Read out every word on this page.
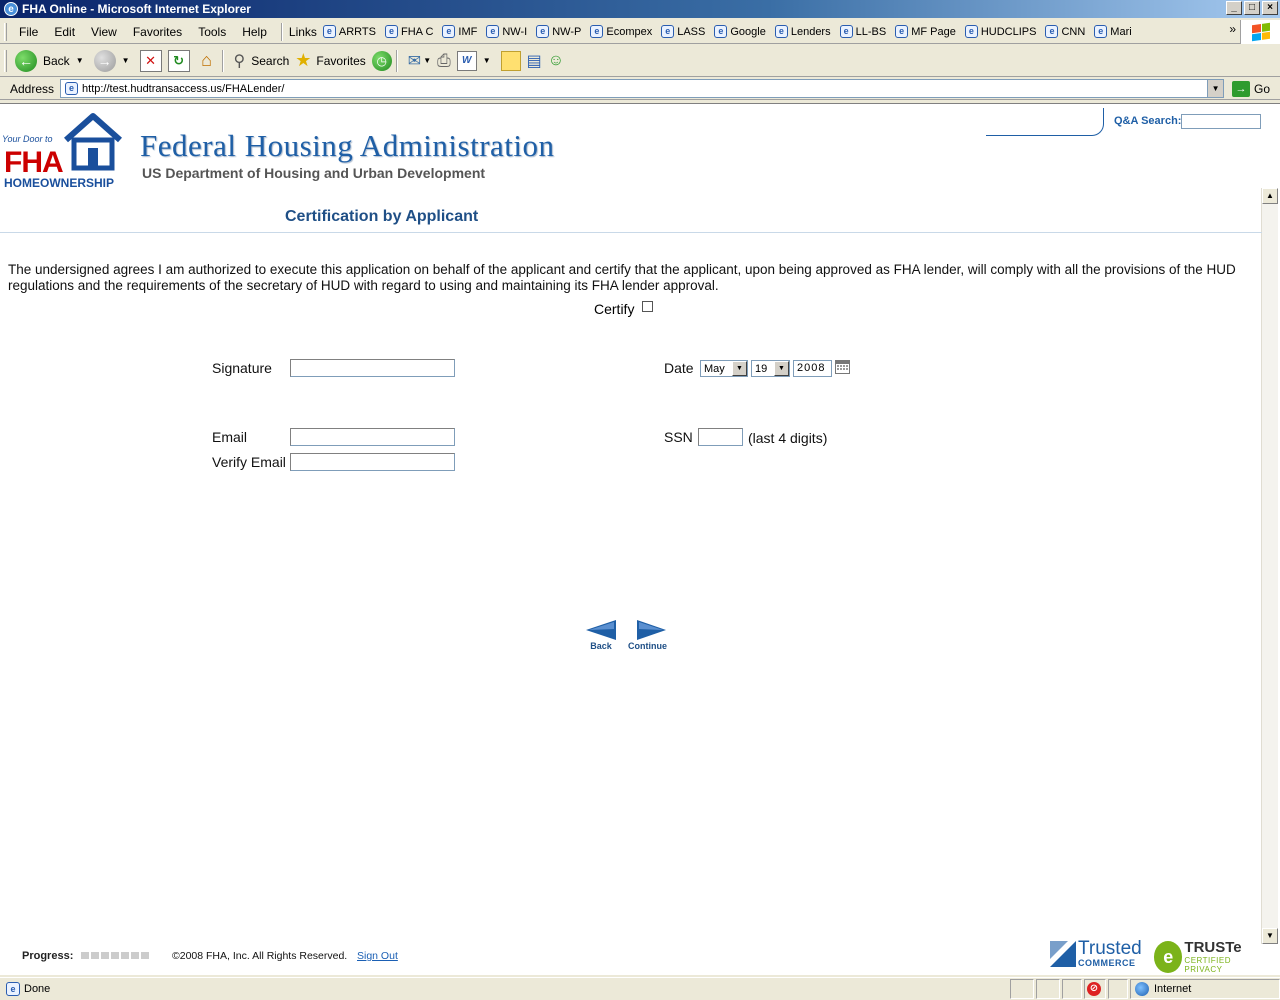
e FHA Online - Microsoft Internet Explorer	_	□	×
File	Edit	View	Favorites	Tools	Help	Links	e ARRTS	e FHA C	e IMF	e NW-I	e NW-P	e Ecompex	e LASS	e Google	e Lenders	e LL-BS	e MF Page	e HUDCLIPS	e CNN	e Mari	»
← Back ▼ →	▼	✕	↻ ⌂	⚲ Search ★ Favorites ◷ ✉ ▼ ⎙	W	▼ ▤ ☺
Address	e http://test.hudtransaccess.us/FHALender/	▼	→ Go
Your Door to
FHA
HOMEOWNERSHIP
Federal Housing Administration
US Department of Housing and Urban Development
Q&A Search:
▲
▼
Certification by Applicant

The undersigned agrees I am authorized to execute this application on behalf of the applicant and certify that the applicant, upon being approved as FHA lender, will comply with all the provisions of the HUD regulations and the requirements of the secretary of HUD with regard to using and maintaining its FHA lender approval.

Certify
Signature	Date May	▼	19	▼	2008
Email	SSN	(last 4 digits)
Verify Email
Back Continue
Progress:	©2008 FHA, Inc. All Rights Reserved. Sign Out	Trusted
COMMERCE	e TRUSTe
CERTIFIED PRIVACY
e Done	⊘	Internet
